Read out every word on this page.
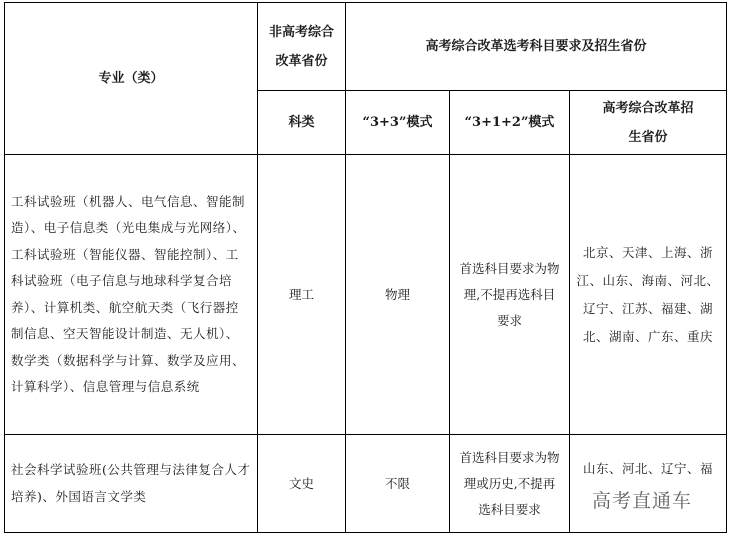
专业（类）	非高考综合改革省份	高考综合改革选考科目要求及招生省份		
	科类	“3+3”模式	“3+1+2”模式	高考综合改革招生省份
工科试验班（机器人、电气信息、智能制造）、电子信息类（光电集成与光网络）、工科试验班（智能仪器、智能控制）、工科试验班（电子信息与地球科学复合培养）、计算机类、航空航天类（飞行器控制信息、空天智能设计制造、无人机）、数学类（数据科学与计算、数学及应用、计算科学）、信息管理与信息系统	理工	物理	首选科目要求为物理,不提再选科目要求	北京、天津、上海、浙江、山东、海南、河北、辽宁、江苏、福建、湖北、湖南、广东、重庆
社会科学试验班(公共管理与法律复合人才培养)、外国语言文学类	文史	不限	首选科目要求为物理或历史,不提再选科目要求	山东、河北、辽宁、福
高考直通车
